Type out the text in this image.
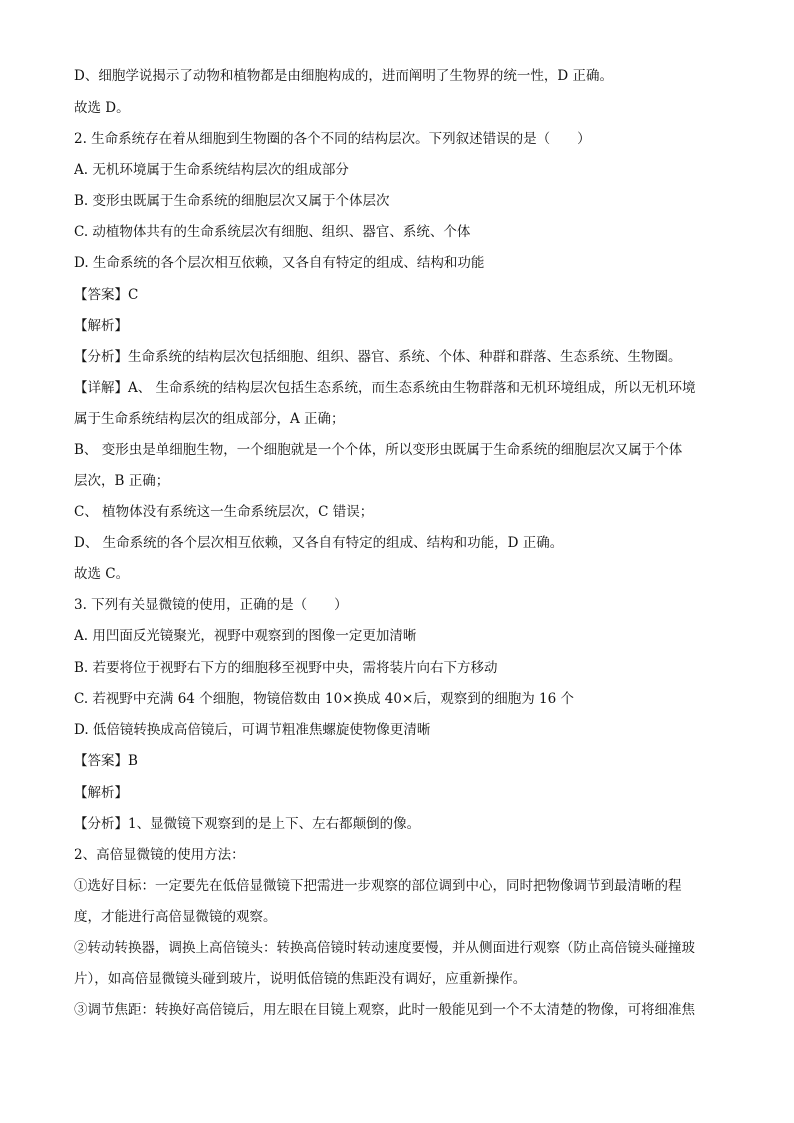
D、细胞学说揭示了动物和植物都是由细胞构成的，进而阐明了生物界的统一性，D 正确。
故选 D。
2. 生命系统存在着从细胞到生物圈的各个不同的结构层次。下列叙述错误的是（　　）
A. 无机环境属于生命系统结构层次的组成部分
B. 变形虫既属于生命系统的细胞层次又属于个体层次
C. 动植物体共有的生命系统层次有细胞、组织、器官、系统、个体
D. 生命系统的各个层次相互依赖，又各自有特定的组成、结构和功能
【答案】C
【解析】
【分析】生命系统的结构层次包括细胞、组织、器官、系统、个体、种群和群落、生态系统、生物圈。
【详解】A、 生命系统的结构层次包括生态系统，而生态系统由生物群落和无机环境组成，所以无机环境
属于生命系统结构层次的组成部分，A 正确；
B、 变形虫是单细胞生物，一个细胞就是一个个体，所以变形虫既属于生命系统的细胞层次又属于个体
层次，B 正确；
C、 植物体没有系统这一生命系统层次，C 错误；
D、 生命系统的各个层次相互依赖，又各自有特定的组成、结构和功能，D 正确。
故选 C。
3. 下列有关显微镜的使用，正确的是（　　）
A. 用凹面反光镜聚光，视野中观察到的图像一定更加清晰
B. 若要将位于视野右下方的细胞移至视野中央，需将装片向右下方移动
C. 若视野中充满 64 个细胞，物镜倍数由 10×换成 40×后，观察到的细胞为 16 个
D. 低倍镜转换成高倍镜后，可调节粗准焦螺旋使物像更清晰
【答案】B
【解析】
【分析】1、显微镜下观察到的是上下、左右都颠倒的像。
2、高倍显微镜的使用方法：
①选好目标：一定要先在低倍显微镜下把需进一步观察的部位调到中心，同时把物像调节到最清晰的程
度，才能进行高倍显微镜的观察。
②转动转换器，调换上高倍镜头：转换高倍镜时转动速度要慢，并从侧面进行观察（防止高倍镜头碰撞玻
片），如高倍显微镜头碰到玻片，说明低倍镜的焦距没有调好，应重新操作。
③调节焦距：转换好高倍镜后，用左眼在目镜上观察，此时一般能见到一个不太清楚的物像，可将细准焦
